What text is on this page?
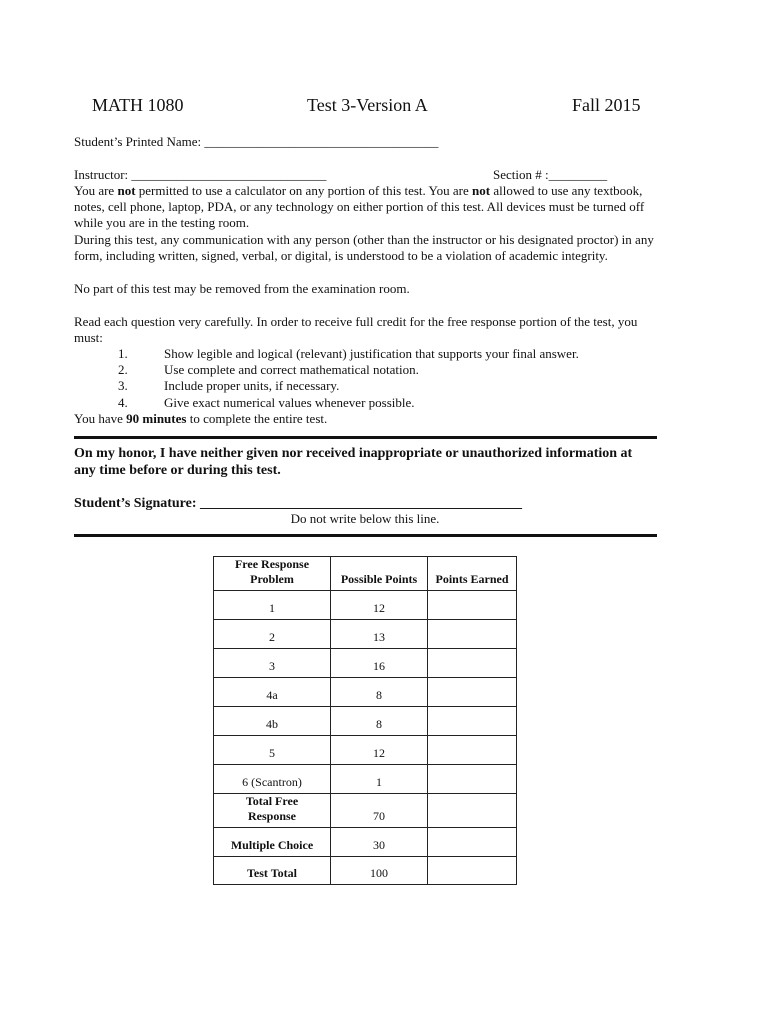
MATH 1080	Test 3-Version A	Fall 2015
Student’s Printed Name: ____________________________________
Instructor: ______________________________	Section # :_________
You are not permitted to use a calculator on any portion of this test. You are not allowed to use any textbook, notes, cell phone, laptop, PDA, or any technology on either portion of this test. All devices must be turned off while you are in the testing room.
During this test, any communication with any person (other than the instructor or his designated proctor) in any form, including written, signed, verbal, or digital, is understood to be a violation of academic integrity.
No part of this test may be removed from the examination room.
Read each question very carefully. In order to receive full credit for the free response portion of the test, you must:
1.	Show legible and logical (relevant) justification that supports your final answer.
2.	Use complete and correct mathematical notation.
3.	Include proper units, if necessary.
4.	Give exact numerical values whenever possible.
You have 90 minutes to complete the entire test.
On my honor, I have neither given nor received inappropriate or unauthorized information at any time before or during this test.
Student’s Signature: ______________________________________________
Do not write below this line.
Free Response
Problem	Possible Points	Points Earned
1	12	
2	13	
3	16	
4a	8	
4b	8	
5	12	
6 (Scantron)	1	

Total Free
Response	70	
Multiple Choice	30	
Test Total	100	
